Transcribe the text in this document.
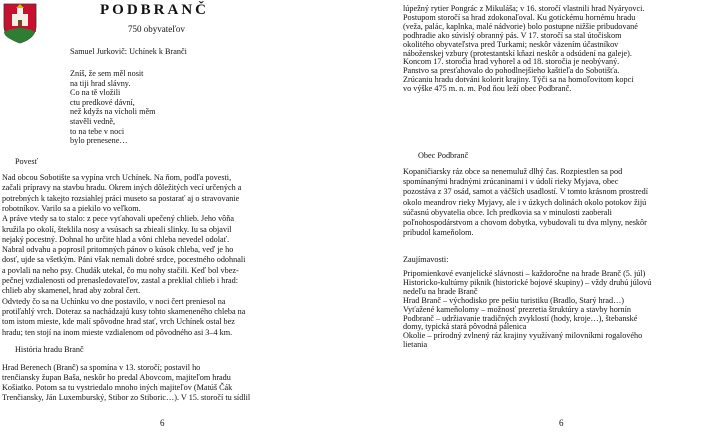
PODBRANČ
750 obyvateľov
Samuel Jurkovič: Uchínek k Branči
Zníš, že sem měl nosit
na tiji hrad slávny.
Co na tě vložili
ctu predkové dávní,
než kdyžs na vícholi měm
stavěli vedně,
to na tebe v noci
bylo prenesene…
Povesť
Nad obcou Sobotište sa vypína vrch Uchínek. Na ňom, podľa povesti,
začali prípravy na stavbu hradu. Okrem iných dôležitých vecí určených a
potrebných k takejto rozsiahlej práci museto sa postarať aj o stravovanie
robotníkov. Varilo sa a piekilo vo veľkom.
A práve vtedy sa to stalo: z pece vyťahovali upečený chlieb. Jeho vôňa
kružila po okolí, šteklila nosy a vsúsach sa zbieali slinky. Iu sa objavil
nejaký pocestný. Dohnal ho určite hlad a vôni chleba nevedel odolať.
Nabral odvahu a poprosil pritomných pánov o kúsok chleba, veď je ho
dosť, ujde sa všetkým. Páni však nemali dobré srdce, pocestného odohnali
a povlali na neho psy. Chudák utekal, čo mu nohy stačili. Keď bol vbez-
pečnej vzdialenosti od prenasledovateľov, zastal a preklial chlieb i hrad:
chlieb aby skamenel, hrad aby zobral čert.
Odvtedy čo sa na Uchínku vo dne postavilo, v noci čert preniesol na
protiľahlý vrch. Doteraz sa nachádzajú kusy tohto skameneného chleba na
tom istom mieste, kde malí spôvodne hrad stať, vrch Uchínek ostal bez
hradu; ten stojí na inom mieste vzdialenom od pôvodného asi 3–4 km.
História hradu Branč
Hrad Berenech (Branč) sa spomína v 13. storočí; postavil ho
trenčiansky župan Baša, neskôr ho predal Abovcom, majiteľom hradu
Košiatko. Potom sa tu vystriedalo mnoho iných majiteľov (Matúš Čák
Trenčiansky, Ján Luxemburský, Stibor zo Stiboric…). V 15. storočí tu sídlil
6
lúpežný rytier Pongrác z Mikuláša; v 16. storočí vlastnili hrad Nyáryovci.
Postupom storočí sa hrad zdokonaľoval. Ku gotickému hornému hradu
(veža, palác, kaplnka, malé nádvorie) bolo postupne nižšie pribudované
podhradie ako súvislý obranný pás. V 17. storočí sa stal útočiskom
okolitého obyvateľstva pred Turkami; neskôr väzením účastníkov
náboženskej vzbury (protestantskí kňazi neskôr a odsúdení na galeje).
Koncom 17. storočia hrad vyhorel a od 18. storočia je neobývaný.
Panstvo sa presťahovalo do pohodlnejšieho kaštieľa do Sobotišťa.
Zrúcaniu hradu dotváni kolorit krajiny. Týči sa na homoľovitom kopci
vo výške 475 m. n. m. Pod ňou leží obec Podbranč.
Obec Podbranč
Kopaničiarsky ráz obce sa nenemuluž dlhý čas. Rozpiestlen sa pod
spomínanými hradnými zrúcaninami i v údolí rieky Myjava, obec
pozostáva z 37 osád, samot a väčších usadlostí. V tomto krásnom prostredí
okolo meandrov rieky Myjavy, ale i v úzkych dolinách okolo potokov žijú
súčasnú obyvatelia obce. Ich predkovia sa v minulosti zaoberali
poľnohospodárstvom a chovom dobytka, vybudovali tu dva mlyny, neskôr
pribudol kameňolom.
Zaujímavosti:
Pripomienkové evanjelické slávnosti – každoročne na hrade Branč (5. júl)
Historicko-kultúrny piknik (historické bojové skupiny) – vždy druhú júlovú
nedeľu na hrade Branč
Hrad Branč – východisko pre pešiu turistiku (Bradlo, Starý hrad…)
Vyťažené kameňolomy – možnosť prezretia štruktúry a stavby hornín
Podbranč – udržiavanie tradičných zvyklostí (hody, kroje…), štebanské
domy, typická stará pôvodná pálenica
Okolie – prírodný zvlnený ráz krajiny využívaný milovníkmi rogalového
lietania
6
